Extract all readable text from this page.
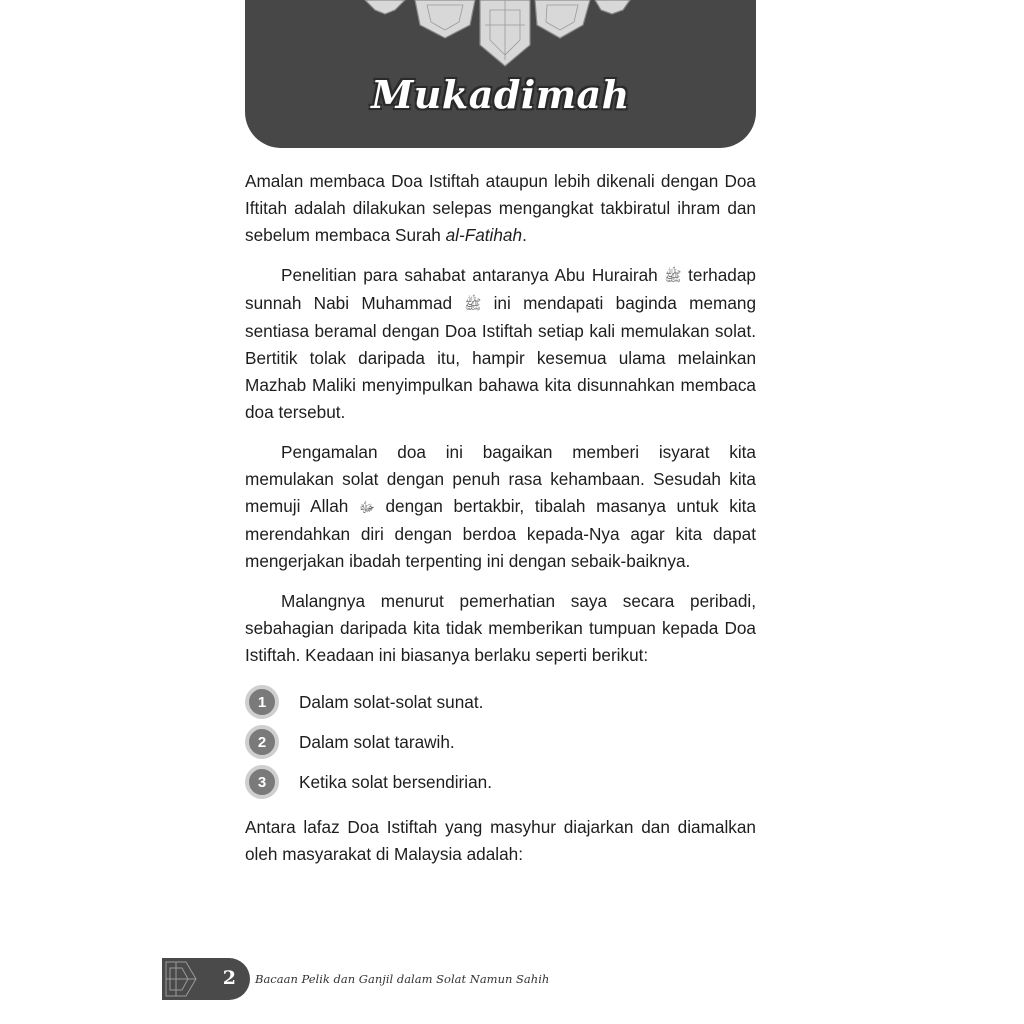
Mukadimah

Amalan membaca Doa Istiftah ataupun lebih dikenali dengan Doa Iftitah adalah dilakukan selepas mengangkat takbiratul ihram dan sebelum membaca Surah al-Fatihah.

Penelitian para sahabat antaranya Abu Hurairah ﷺ terhadap sunnah Nabi Muhammad ﷺ ini mendapati baginda memang sentiasa beramal dengan Doa Istiftah setiap kali memulakan solat. Bertitik tolak daripada itu, hampir kesemua ulama melainkan Mazhab Maliki menyimpulkan bahawa kita disunnahkan membaca doa tersebut.

Pengamalan doa ini bagaikan memberi isyarat kita memulakan solat dengan penuh rasa kehambaan. Sesudah kita memuji Allah ﷻ dengan bertakbir, tibalah masanya untuk kita merendahkan diri dengan berdoa kepada-Nya agar kita dapat mengerjakan ibadah terpenting ini dengan sebaik-baiknya.

Malangnya menurut pemerhatian saya secara peribadi, sebahagian daripada kita tidak memberikan tumpuan kepada Doa Istiftah. Keadaan ini biasanya berlaku seperti berikut:

1	Dalam solat-solat sunat.
2	Dalam solat tarawih.
3	Ketika solat bersendirian.

Antara lafaz Doa Istiftah yang masyhur diajarkan dan diamalkan oleh masyarakat di Malaysia adalah:

2 Bacaan Pelik dan Ganjil dalam Solat Namun Sahih
